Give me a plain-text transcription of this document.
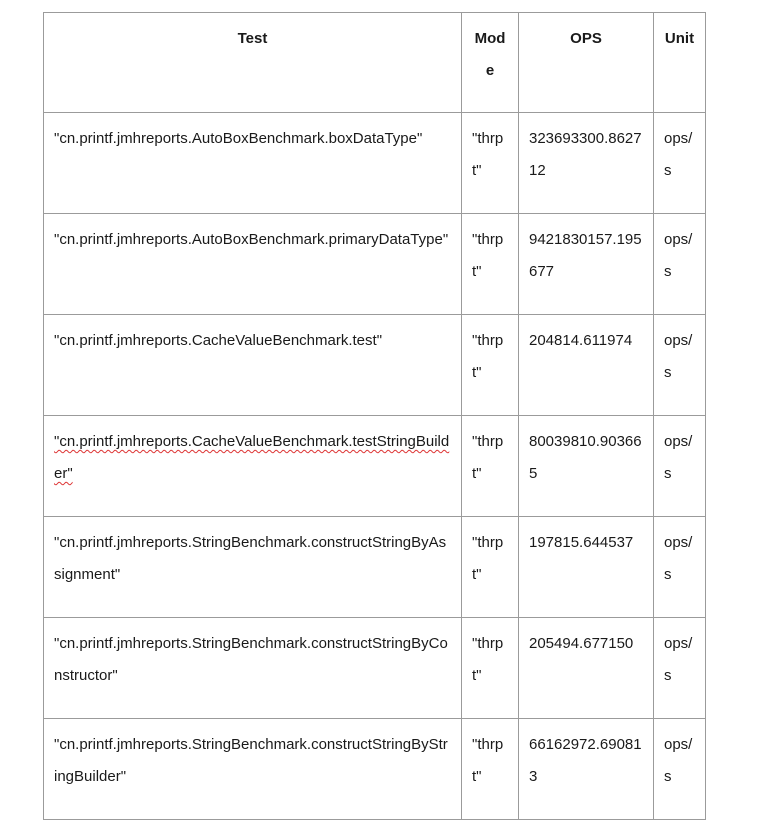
Test	Mode	OPS	Unit
"cn.printf.jmhreports.AutoBoxBenchmark.boxDataType"	"thrpt"	323693300.862712	ops/s
"cn.printf.jmhreports.AutoBoxBenchmark.primaryDataType"	"thrpt"	9421830157.195677	ops/s
"cn.printf.jmhreports.CacheValueBenchmark.test"	"thrpt"	204814.611974	ops/s
"cn.printf.jmhreports.CacheValueBenchmark.testStringBuilder"	"thrpt"	80039810.903665	ops/s
"cn.printf.jmhreports.StringBenchmark.constructStringByAssignment"	"thrpt"	197815.644537	ops/s
"cn.printf.jmhreports.StringBenchmark.constructStringByConstructor"	"thrpt"	205494.677150	ops/s
"cn.printf.jmhreports.StringBenchmark.constructStringByStringBuilder"	"thrpt"	66162972.690813	ops/s
